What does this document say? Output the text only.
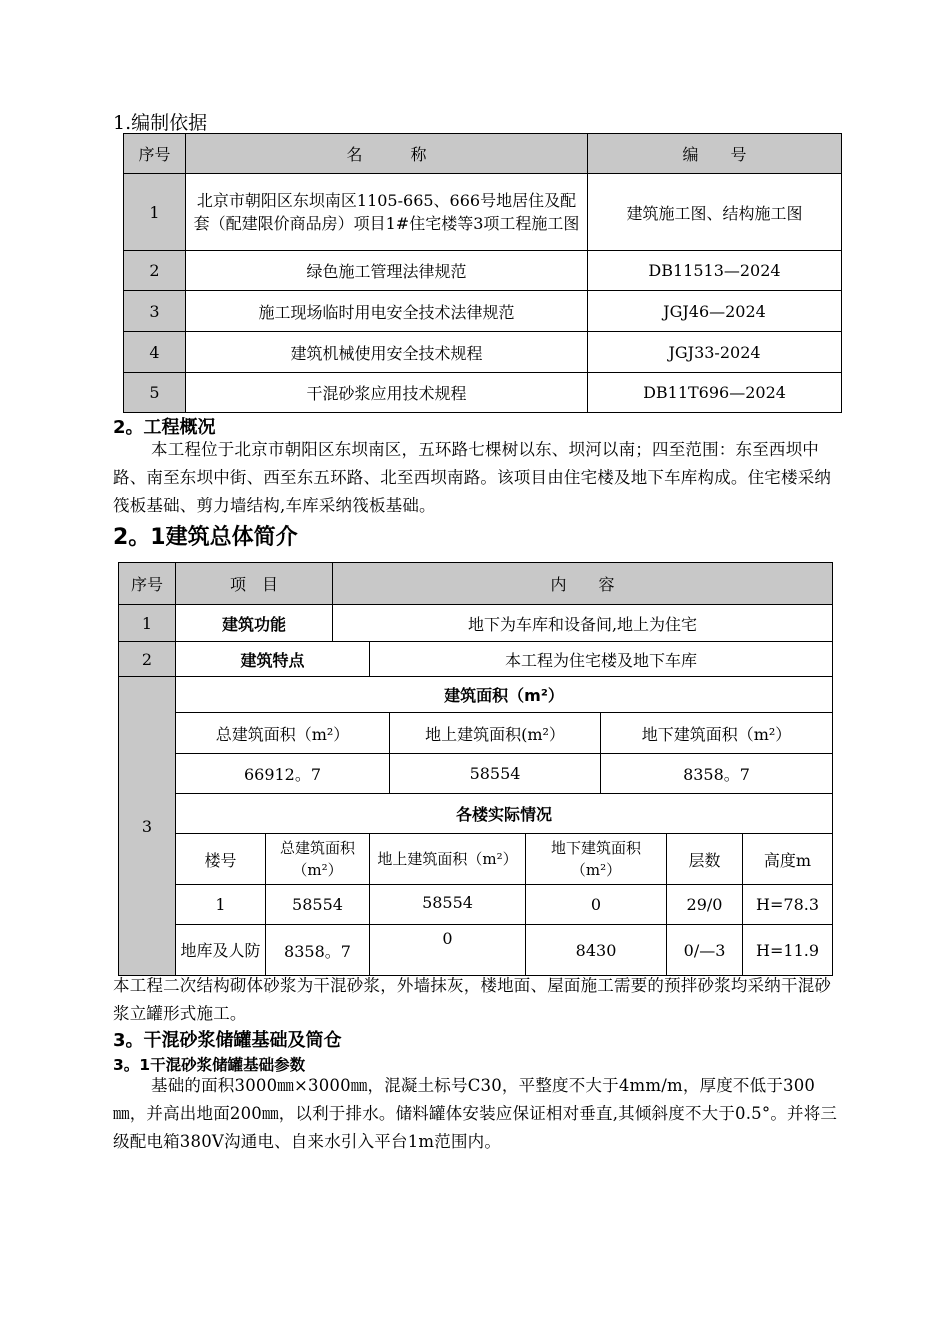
1.编制依据
序号	名　　　称	编　　号
1	北京市朝阳区东坝南区1105-665、666号地居住及配套（配建限价商品房）项目1#住宅楼等3项工程施工图	建筑施工图、结构施工图
2	绿色施工管理法律规范	DB11513—2024
3	施工现场临时用电安全技术法律规范	JGJ46—2024
4	建筑机械使用安全技术规程	JGJ33-2024
5	干混砂浆应用技术规程	DB11T696—2024
2。工程概况
本工程位于北京市朝阳区东坝南区，五环路七棵树以东、坝河以南；四至范围：东至西坝中路、南至东坝中街、西至东五环路、北至西坝南路。该项目由住宅楼及地下车库构成。住宅楼采纳筏板基础、剪力墙结构,车库采纳筏板基础。
2。1建筑总体简介
序号	项　目		内　　容						
1	建筑功能		地下为车库和设备间,地上为住宅						
2	建筑特点			本工程为住宅楼及地下车库					
3	建筑面积（m²）								
	总建筑面积（m²）				地上建筑面积(m²）		地下建筑面积（m²）		
	66912。7				58554		8358。7		
	各楼实际情况								
	楼号	总建筑面积（m²）		地上建筑面积（m²）		地下建筑面积（m²）		层数	高度m
	1	58554		58554		0		29/0	H=78.3
	地库及人防	8358。7		0		8430		0/—3	H=11.9
本工程二次结构砌体砂浆为干混砂浆，外墙抹灰，楼地面、屋面施工需要的预拌砂浆均采纳干混砂浆立罐形式施工。
3。干混砂浆储罐基础及筒仓
3。1干混砂浆储罐基础参数
基础的面积3000㎜×3000㎜，混凝土标号C30，平整度不大于4mm/m，厚度不低于300㎜，并高出地面200㎜，以利于排水。储料罐体安装应保证相对垂直,其倾斜度不大于0.5°。并将三级配电箱380V沟通电、自来水引入平台1m范围内。
